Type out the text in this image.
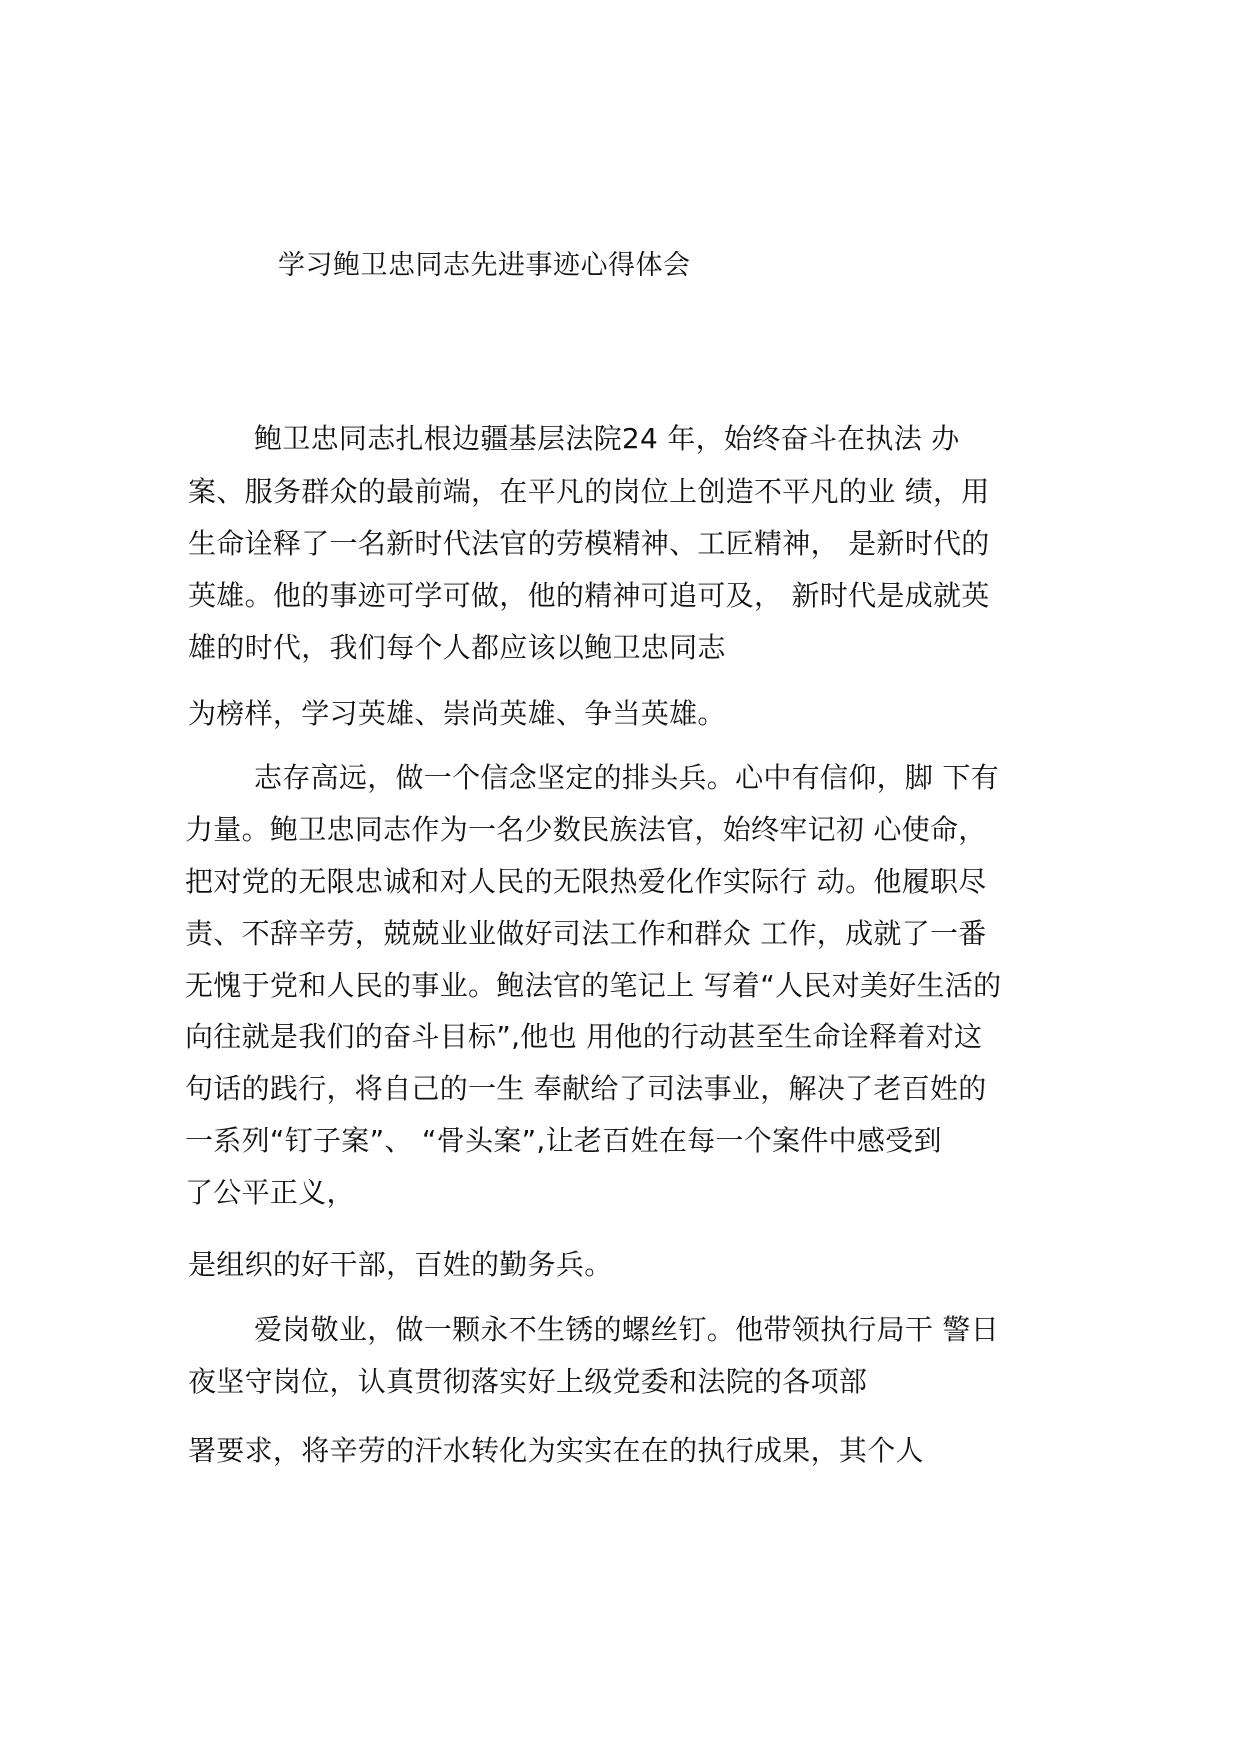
学习鲍卫忠同志先进事迹心得体会
鲍卫忠同志扎根边疆基层法院24 年，始终奋斗在执法 办
案、服务群众的最前端，在平凡的岗位上创造不平凡的业 绩，用
生命诠释了一名新时代法官的劳模精神、工匠精神， 是新时代的
英雄。他的事迹可学可做，他的精神可追可及， 新时代是成就英
雄的时代，我们每个人都应该以鲍卫忠同志
为榜样，学习英雄、崇尚英雄、争当英雄。
志存高远，做一个信念坚定的排头兵。心中有信仰，脚 下有
力量。鲍卫忠同志作为一名少数民族法官，始终牢记初 心使命，
把对党的无限忠诚和对人民的无限热爱化作实际行 动。他履职尽
责、不辞辛劳，兢兢业业做好司法工作和群众 工作，成就了一番
无愧于党和人民的事业。鲍法官的笔记上 写着“人民对美好生活的
向往就是我们的奋斗目标”,他也 用他的行动甚至生命诠释着对这
句话的践行，将自己的一生 奉献给了司法事业，解决了老百姓的
一系列“钉子案”、 “骨头案”,让老百姓在每一个案件中感受到
了公平正义，
是组织的好干部，百姓的勤务兵。
爱岗敬业，做一颗永不生锈的螺丝钉。他带领执行局干 警日
夜坚守岗位，认真贯彻落实好上级党委和法院的各项部
署要求，将辛劳的汗水转化为实实在在的执行成果，其个人
